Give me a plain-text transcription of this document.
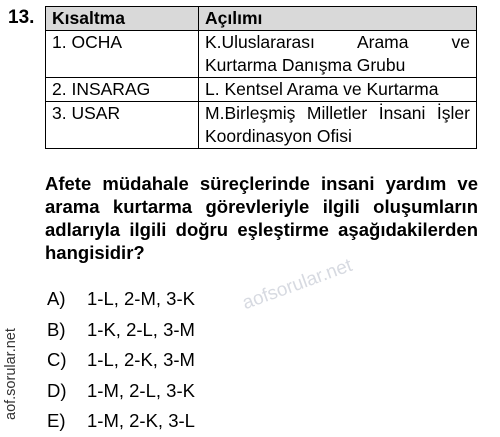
13. Kısaltma	Açılımı
1. OCHA	K.Uluslararası Arama ve Kurtarma Danışma Grubu
2. INSARAG	L. Kentsel Arama ve Kurtarma
3. USAR	M.Birleşmiş Milletler İnsani İşler Koordinasyon Ofisi
Afete müdahale süreçlerinde insani yardım ve arama kurtarma görevleriyle ilgili oluşumların adlarıyla ilgili doğru eşleştirme aşağıdakilerden hangisidir?
A) 1-L, 2-M, 3-K
B) 1-K, 2-L, 3-M
C) 1-L, 2-K, 3-M
D) 1-M, 2-L, 3-K
E) 1-M, 2-K, 3-L
aof.sorular.net
aofsorular.net
